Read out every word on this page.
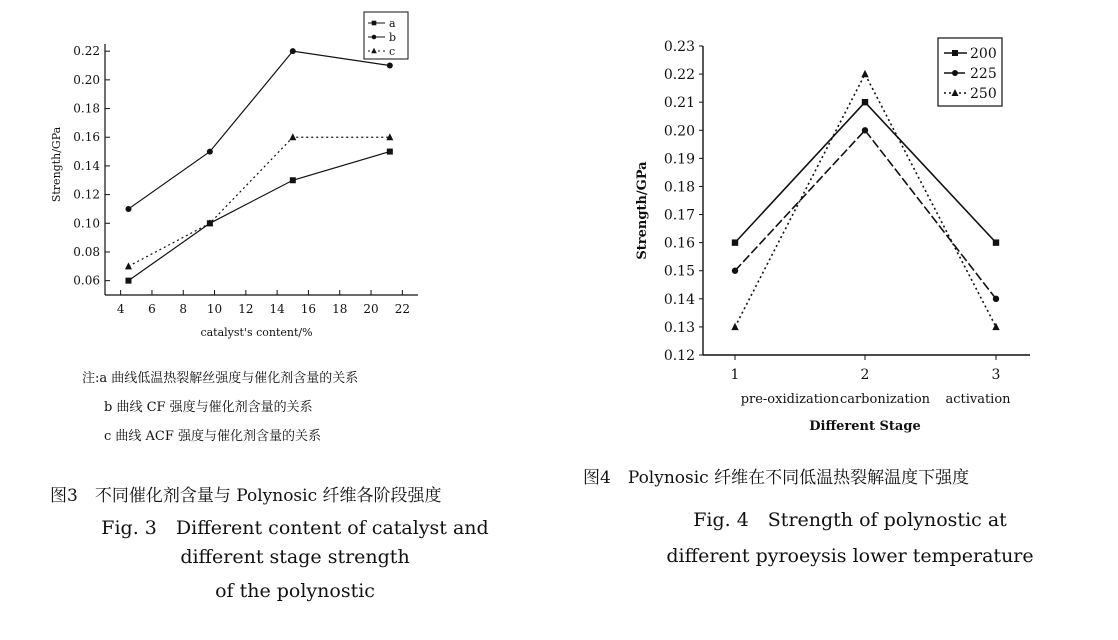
0.06
0.08
0.10
0.12
0.14
0.16
0.18
0.20
0.22
4 6 8 10 12 14 16 18 20 22
catalyst's content/%
Strength/GPa
a
b
c
0.12
0.13
0.14
0.15
0.16
0.17
0.18
0.19
0.20
0.21
0.22
0.23
1	2	3
pre-oxidization carbonization activation
Different Stage
Strength/GPa
200
225
250
注:a 曲线低温热裂解丝强度与催化剂含量的关系
b 曲线 CF 强度与催化剂含量的关系
c 曲线 ACF 强度与催化剂含量的关系
图3　不同催化剂含量与 Polynosic 纤维各阶段强度
Fig. 3　Different content of catalyst and
different stage strength
of the polynostic
图4　Polynosic 纤维在不同低温热裂解温度下强度
Fig. 4　Strength of polynostic at
different pyroeysis lower temperature
